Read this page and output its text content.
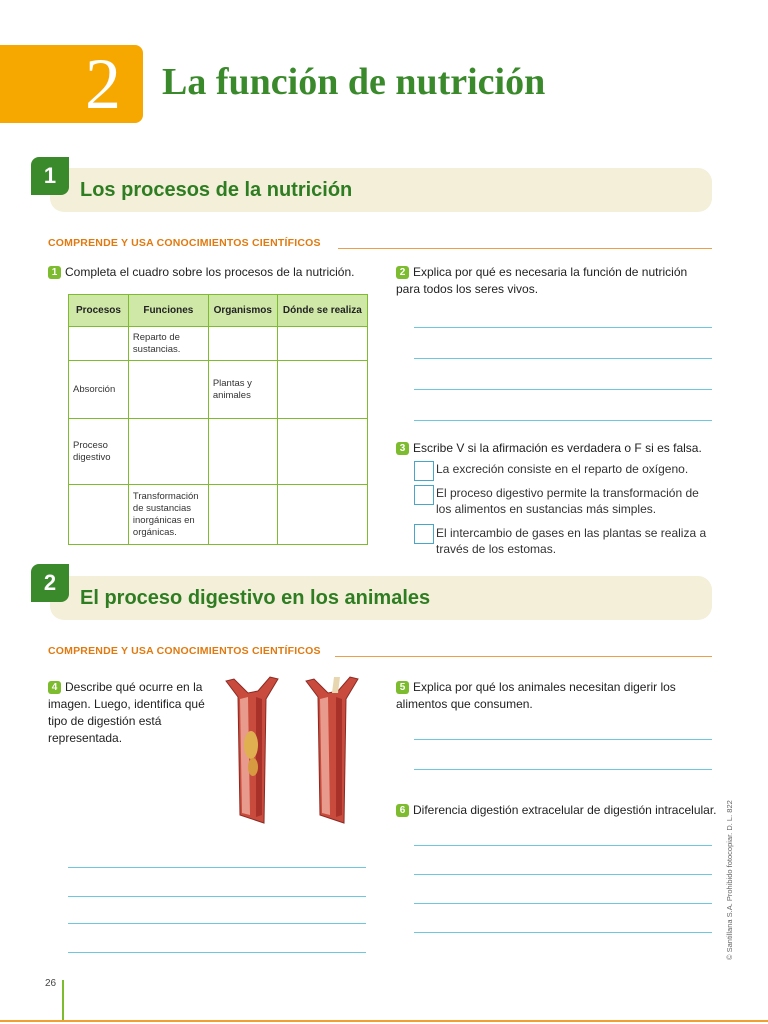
2	La función de nutrición
1
Los procesos de la nutrición
COMPRENDE Y USA CONOCIMIENTOS CIENTÍFICOS
1 Completa el cuadro sobre los procesos de la nutrición.
Procesos	Funciones	Organismos	Dónde se realiza
	Reparto de sustancias.		
Absorción		Plantas y animales	
Proceso digestivo			
	Transformación de sustancias inorgánicas en orgánicas.		
2 Explica por qué es necesaria la función de nutrición para todos los seres vivos.
3 Escribe V si la afirmación es verdadera o F si es falsa.
La excreción consiste en el reparto de oxígeno.
El proceso digestivo permite la transformación de los alimentos en sustancias más simples.
El intercambio de gases en las plantas se realiza a través de los estomas.
2
El proceso digestivo en los animales
COMPRENDE Y USA CONOCIMIENTOS CIENTÍFICOS
4 Describe qué ocurre en la imagen. Luego, identifica qué tipo de digestión está representada.
5 Explica por qué los animales necesitan digerir los alimentos que consumen.
6 Diferencia digestión extracelular de digestión intracelular.	© Santillana S.A. Prohibido fotocopiar. D. L. 822
26
